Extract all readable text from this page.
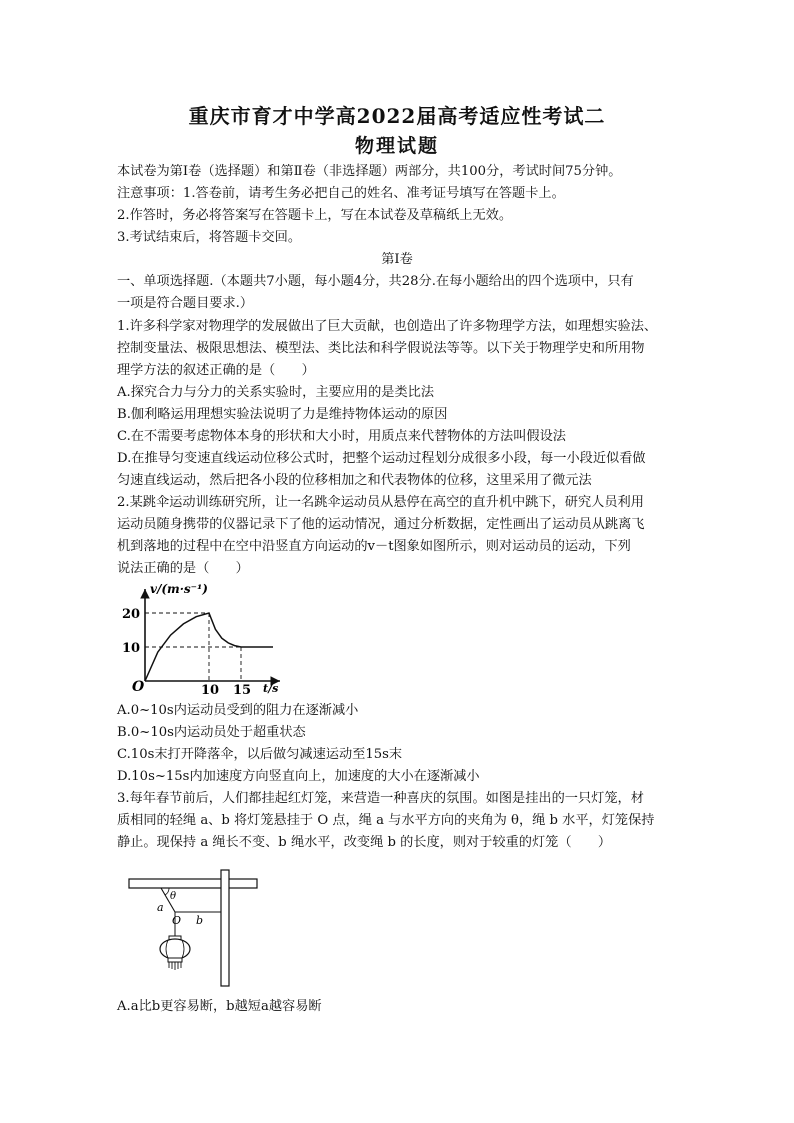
重庆市育才中学高2022届高考适应性考试二
物理试题
本试卷为第Ⅰ卷（选择题）和第Ⅱ卷（非选择题）两部分，共100分，考试时间75分钟。
注意事项：1.答卷前，请考生务必把自己的姓名、准考证号填写在答题卡上。
2.作答时，务必将答案写在答题卡上，写在本试卷及草稿纸上无效。
3.考试结束后，将答题卡交回。
第Ⅰ卷
一、单项选择题.（本题共7小题，每小题4分，共28分.在每小题给出的四个选项中，只有
一项是符合题目要求.）
1.许多科学家对物理学的发展做出了巨大贡献，也创造出了许多物理学方法，如理想实验法、
控制变量法、极限思想法、模型法、类比法和科学假说法等等。以下关于物理学史和所用物
理学方法的叙述正确的是（　　）
A.探究合力与分力的关系实验时，主要应用的是类比法
B.伽利略运用理想实验法说明了力是维持物体运动的原因
C.在不需要考虑物体本身的形状和大小时，用质点来代替物体的方法叫假设法
D.在推导匀变速直线运动位移公式时，把整个运动过程划分成很多小段，每一小段近似看做
匀速直线运动，然后把各小段的位移相加之和代表物体的位移，这里采用了微元法
2.某跳伞运动训练研究所，让一名跳伞运动员从悬停在高空的直升机中跳下，研究人员利用
运动员随身携带的仪器记录下了他的运动情况，通过分析数据，定性画出了运动员从跳离飞
机到落地的过程中在空中沿竖直方向运动的v－t图象如图所示，则对运动员的运动，下列
说法正确的是（　　）
v/(m·s⁻¹)
t/s
O	10 15
10
20
A.0~10s内运动员受到的阻力在逐渐减小
B.0~10s内运动员处于超重状态
C.10s末打开降落伞，以后做匀减速运动至15s末
D.10s~15s内加速度方向竖直向上，加速度的大小在逐渐减小
3.每年春节前后，人们都挂起红灯笼，来营造一种喜庆的氛围。如图是挂出的一只灯笼，材
质相同的轻绳 a、b 将灯笼悬挂于 O 点，绳 a 与水平方向的夹角为 θ，绳 b 水平，灯笼保持
静止。现保持 a 绳长不变、b 绳水平，改变绳 b 的长度，则对于较重的灯笼（　　）
θ
a
O b
A.a比b更容易断，b越短a越容易断
